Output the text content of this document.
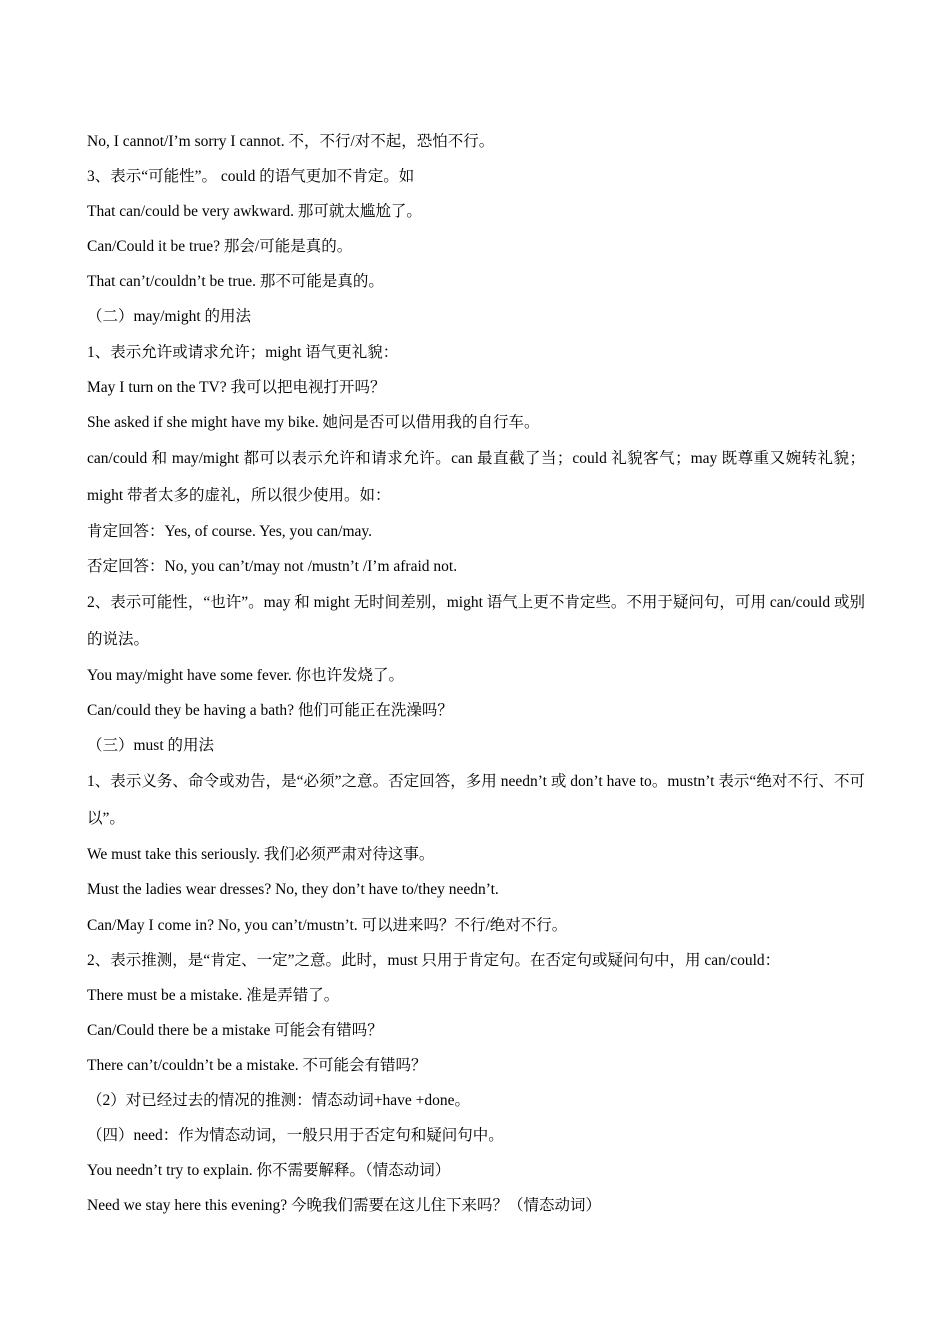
No, I cannot/I’m sorry I cannot. 不，不行/对不起，恐怕不行。
3、表示“可能性”。 could 的语气更加不肯定。如
That can/could be very awkward. 那可就太尴尬了。
Can/Could it be true? 那会/可能是真的。
That can’t/couldn’t be true. 那不可能是真的。
（二）may/might 的用法
1、表示允许或请求允许；might 语气更礼貌：
May I turn on the TV? 我可以把电视打开吗？
She asked if she might have my bike. 她问是否可以借用我的自行车。
can/could 和 may/might 都可以表示允许和请求允许。can 最直截了当；could 礼貌客气；may 既尊重又婉转礼貌；might 带者太多的虚礼，所以很少使用。如：
肯定回答：Yes, of course. Yes, you can/may.
否定回答：No, you can’t/may not /mustn’t /I’m afraid not.
2、表示可能性，“也许”。may 和 might 无时间差别，might 语气上更不肯定些。不用于疑问句，可用 can/could 或别的说法。
You may/might have some fever. 你也许发烧了。
Can/could they be having a bath? 他们可能正在洗澡吗？
（三）must 的用法
1、表示义务、命令或劝告，是“必须”之意。否定回答，多用 needn’t 或 don’t have to。mustn’t 表示“绝对不行、不可以”。
We must take this seriously. 我们必须严肃对待这事。
Must the ladies wear dresses? No, they don’t have to/they needn’t.
Can/May I come in? No, you can’t/mustn’t. 可以进来吗？不行/绝对不行。
2、表示推测，是“肯定、一定”之意。此时，must 只用于肯定句。在否定句或疑问句中，用 can/could：
There must be a mistake. 准是弄错了。
Can/Could there be a mistake 可能会有错吗？
There can’t/couldn’t be a mistake. 不可能会有错吗？
（2）对已经过去的情况的推测：情态动词+have +done。
（四）need：作为情态动词，一般只用于否定句和疑问句中。
You needn’t try to explain. 你不需要解释。（情态动词）
Need we stay here this evening? 今晚我们需要在这儿住下来吗？（情态动词）
